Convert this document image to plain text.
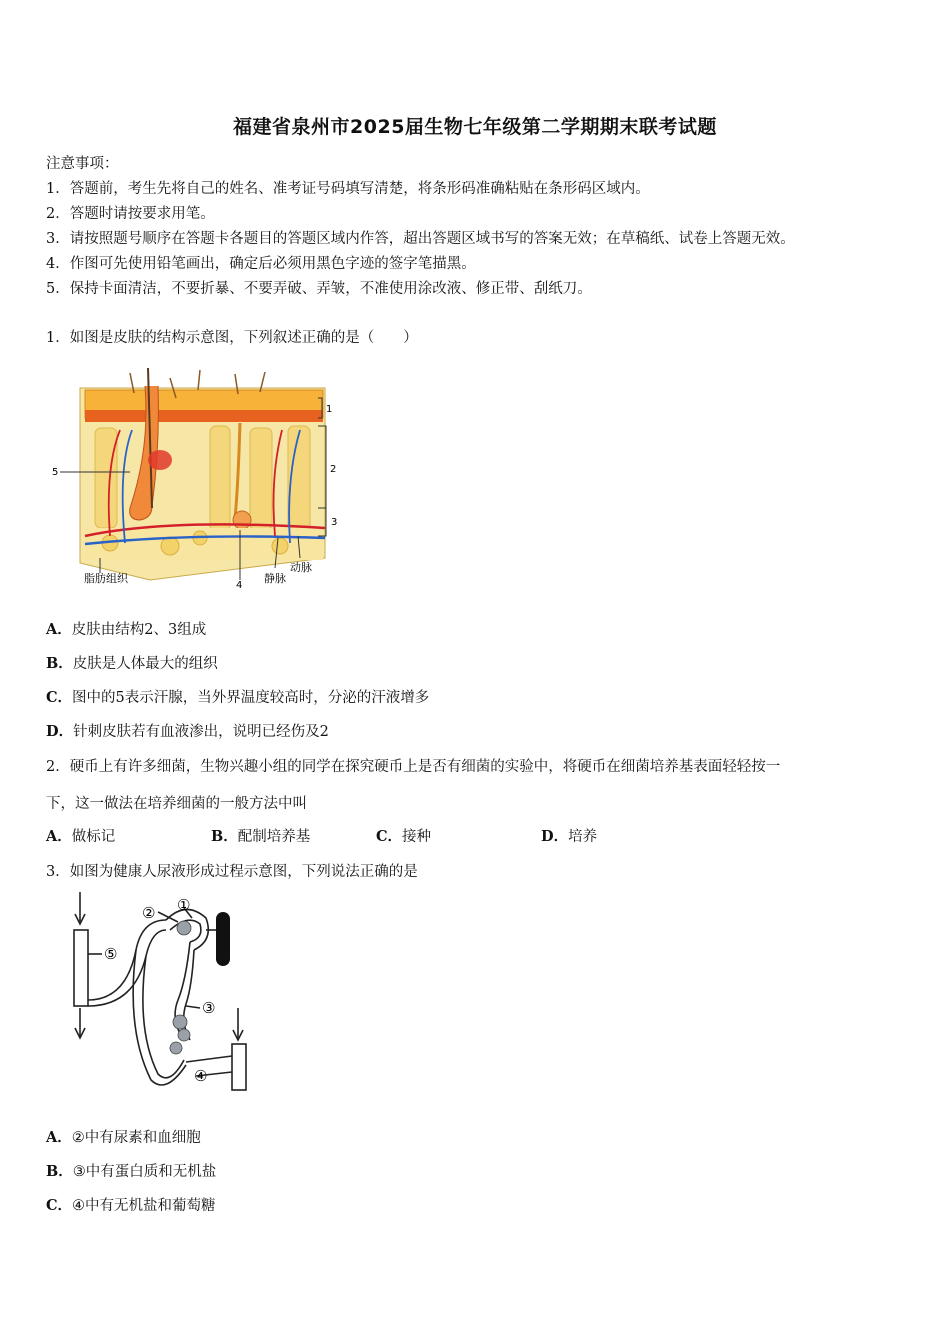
福建省泉州市2025届生物七年级第二学期期末联考试题
注意事项：
1．答题前，考生先将自己的姓名、准考证号码填写清楚，将条形码准确粘贴在条形码区域内。
2．答题时请按要求用笔。
3．请按照题号顺序在答题卡各题目的答题区域内作答，超出答题区域书写的答案无效；在草稿纸、试卷上答题无效。
4．作图可先使用铅笔画出，确定后必须用黑色字迹的签字笔描黑。
5．保持卡面清洁，不要折暴、不要弄破、弄皱，不准使用涂改液、修正带、刮纸刀。
1．如图是皮肤的结构示意图，下列叙述正确的是（　　）
1
2
3
5
4
脂肪组织	静脉
动脉
A．皮肤由结构2、3组成
B．皮肤是人体最大的组织
C．图中的5表示汗腺，当外界温度较高时，分泌的汗液增多
D．针刺皮肤若有血液渗出，说明已经伤及2
2．硬币上有许多细菌，生物兴趣小组的同学在探究硬币上是否有细菌的实验中，将硬币在细菌培养基表面轻轻按一
下，这一做法在培养细菌的一般方法中叫
A．做标记	B．配制培养基	C．接种	D．培养
3．如图为健康人尿液形成过程示意图，下列说法正确的是
② ①
⑤
③
④
A．②中有尿素和血细胞
B．③中有蛋白质和无机盐
C．④中有无机盐和葡萄糖
